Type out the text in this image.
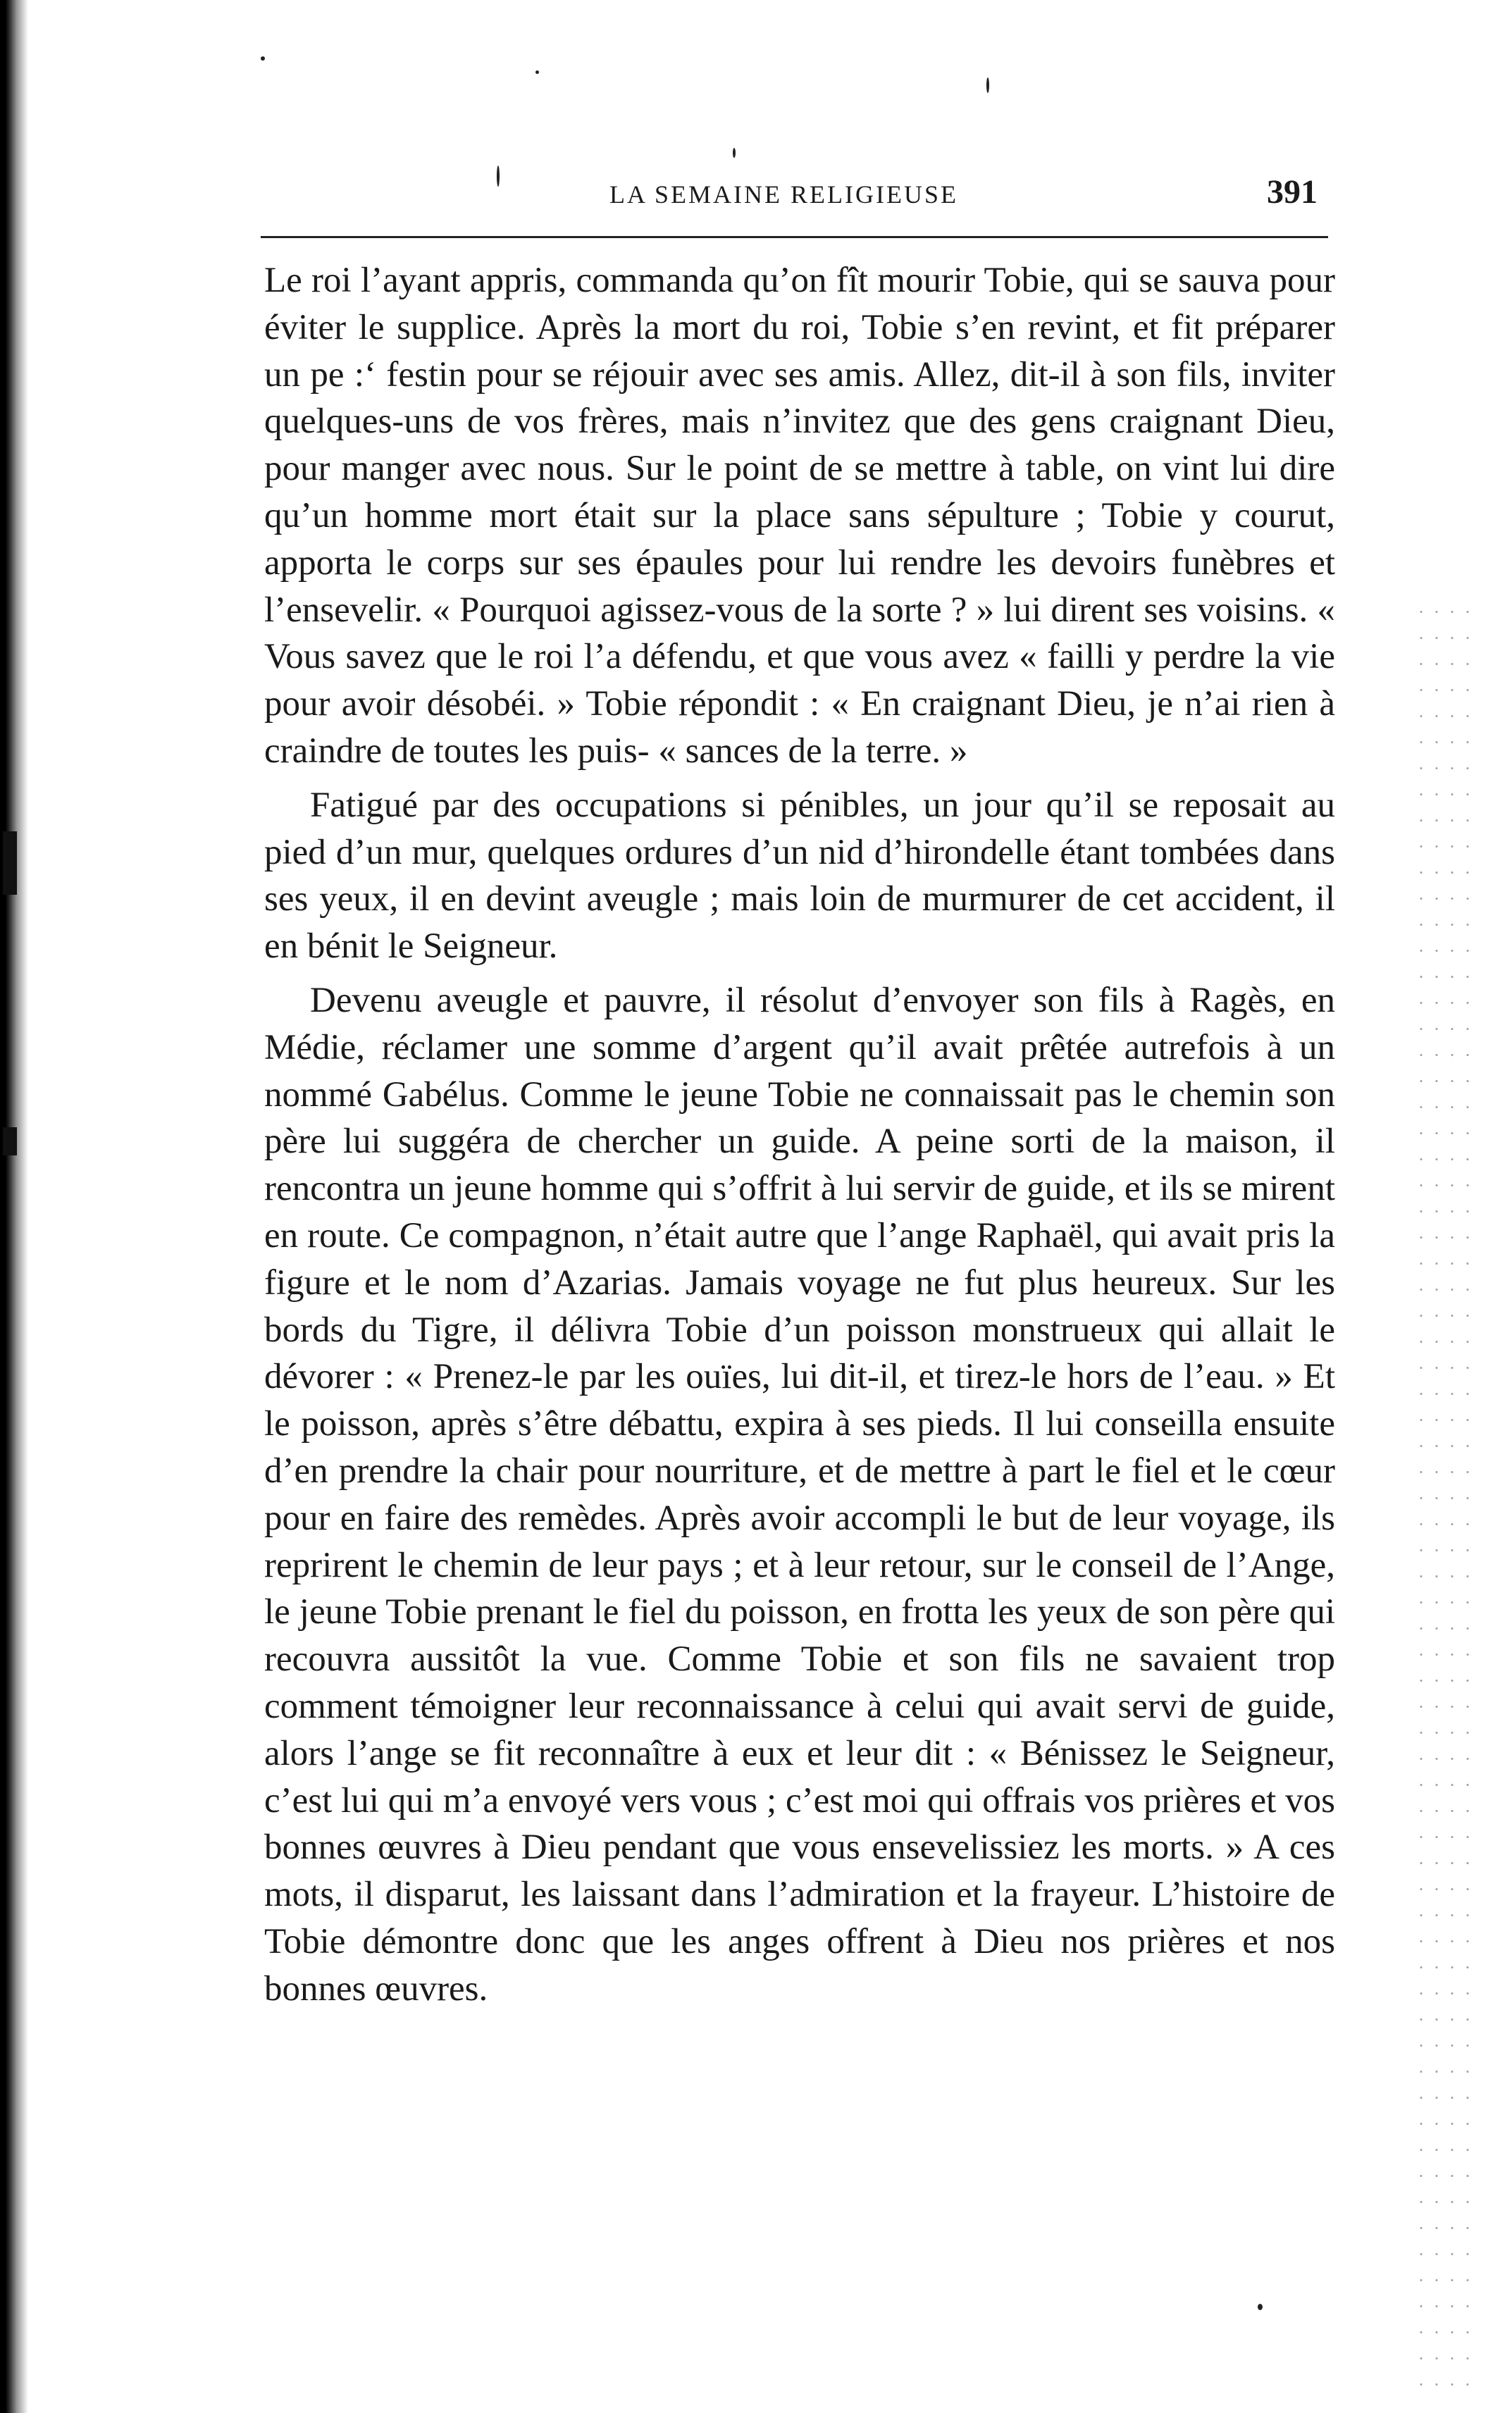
LA SEMAINE RELIGIEUSE	391

Le roi l’ayant appris, commanda qu’on fît mourir Tobie, qui se sauva pour éviter le supplice. Après la mort du roi, Tobie s’en revint, et fit préparer un pe :‘ festin pour se réjouir avec ses amis. Allez, dit-il à son fils, inviter quelques-uns de vos frères, mais n’invitez que des gens craignant Dieu, pour manger avec nous. Sur le point de se mettre à table, on vint lui dire qu’un homme mort était sur la place sans sépulture ; Tobie y courut, apporta le corps sur ses épaules pour lui rendre les devoirs funèbres et l’ensevelir. « Pourquoi agissez-vous de la sorte ? » lui dirent ses voisins. « Vous savez que le roi l’a défendu, et que vous avez « failli y perdre la vie pour avoir désobéi. » Tobie répondit : « En craignant Dieu, je n’ai rien à craindre de toutes les puis- « sances de la terre. »

Fatigué par des occupations si pénibles, un jour qu’il se reposait au pied d’un mur, quelques ordures d’un nid d’hirondelle étant tombées dans ses yeux, il en devint aveugle ; mais loin de murmurer de cet accident, il en bénit le Seigneur.

Devenu aveugle et pauvre, il résolut d’envoyer son fils à Ragès, en Médie, réclamer une somme d’argent qu’il avait prêtée autrefois à un nommé Gabélus. Comme le jeune Tobie ne connaissait pas le chemin son père lui suggéra de chercher un guide. A peine sorti de la maison, il rencontra un jeune homme qui s’offrit à lui servir de guide, et ils se mirent en route. Ce compagnon, n’était autre que l’ange Raphaël, qui avait pris la figure et le nom d’Azarias. Jamais voyage ne fut plus heureux. Sur les bords du Tigre, il délivra Tobie d’un poisson monstrueux qui allait le dévorer : « Prenez-le par les ouïes, lui dit-il, et tirez-le hors de l’eau. » Et le poisson, après s’être débattu, expira à ses pieds. Il lui conseilla ensuite d’en prendre la chair pour nourriture, et de mettre à part le fiel et le cœur pour en faire des remèdes. Après avoir accompli le but de leur voyage, ils reprirent le chemin de leur pays ; et à leur retour, sur le conseil de l’Ange, le jeune Tobie prenant le fiel du poisson, en frotta les yeux de son père qui recouvra aussitôt la vue. Comme Tobie et son fils ne savaient trop comment témoigner leur reconnaissance à celui qui avait servi de guide, alors l’ange se fit reconnaître à eux et leur dit : « Bénissez le Seigneur, c’est lui qui m’a envoyé vers vous ; c’est moi qui offrais vos prières et vos bonnes œuvres à Dieu pendant que vous ensevelissiez les morts. » A ces mots, il disparut, les laissant dans l’admiration et la frayeur. L’histoire de Tobie démontre donc que les anges offrent à Dieu nos prières et nos bonnes œuvres.
